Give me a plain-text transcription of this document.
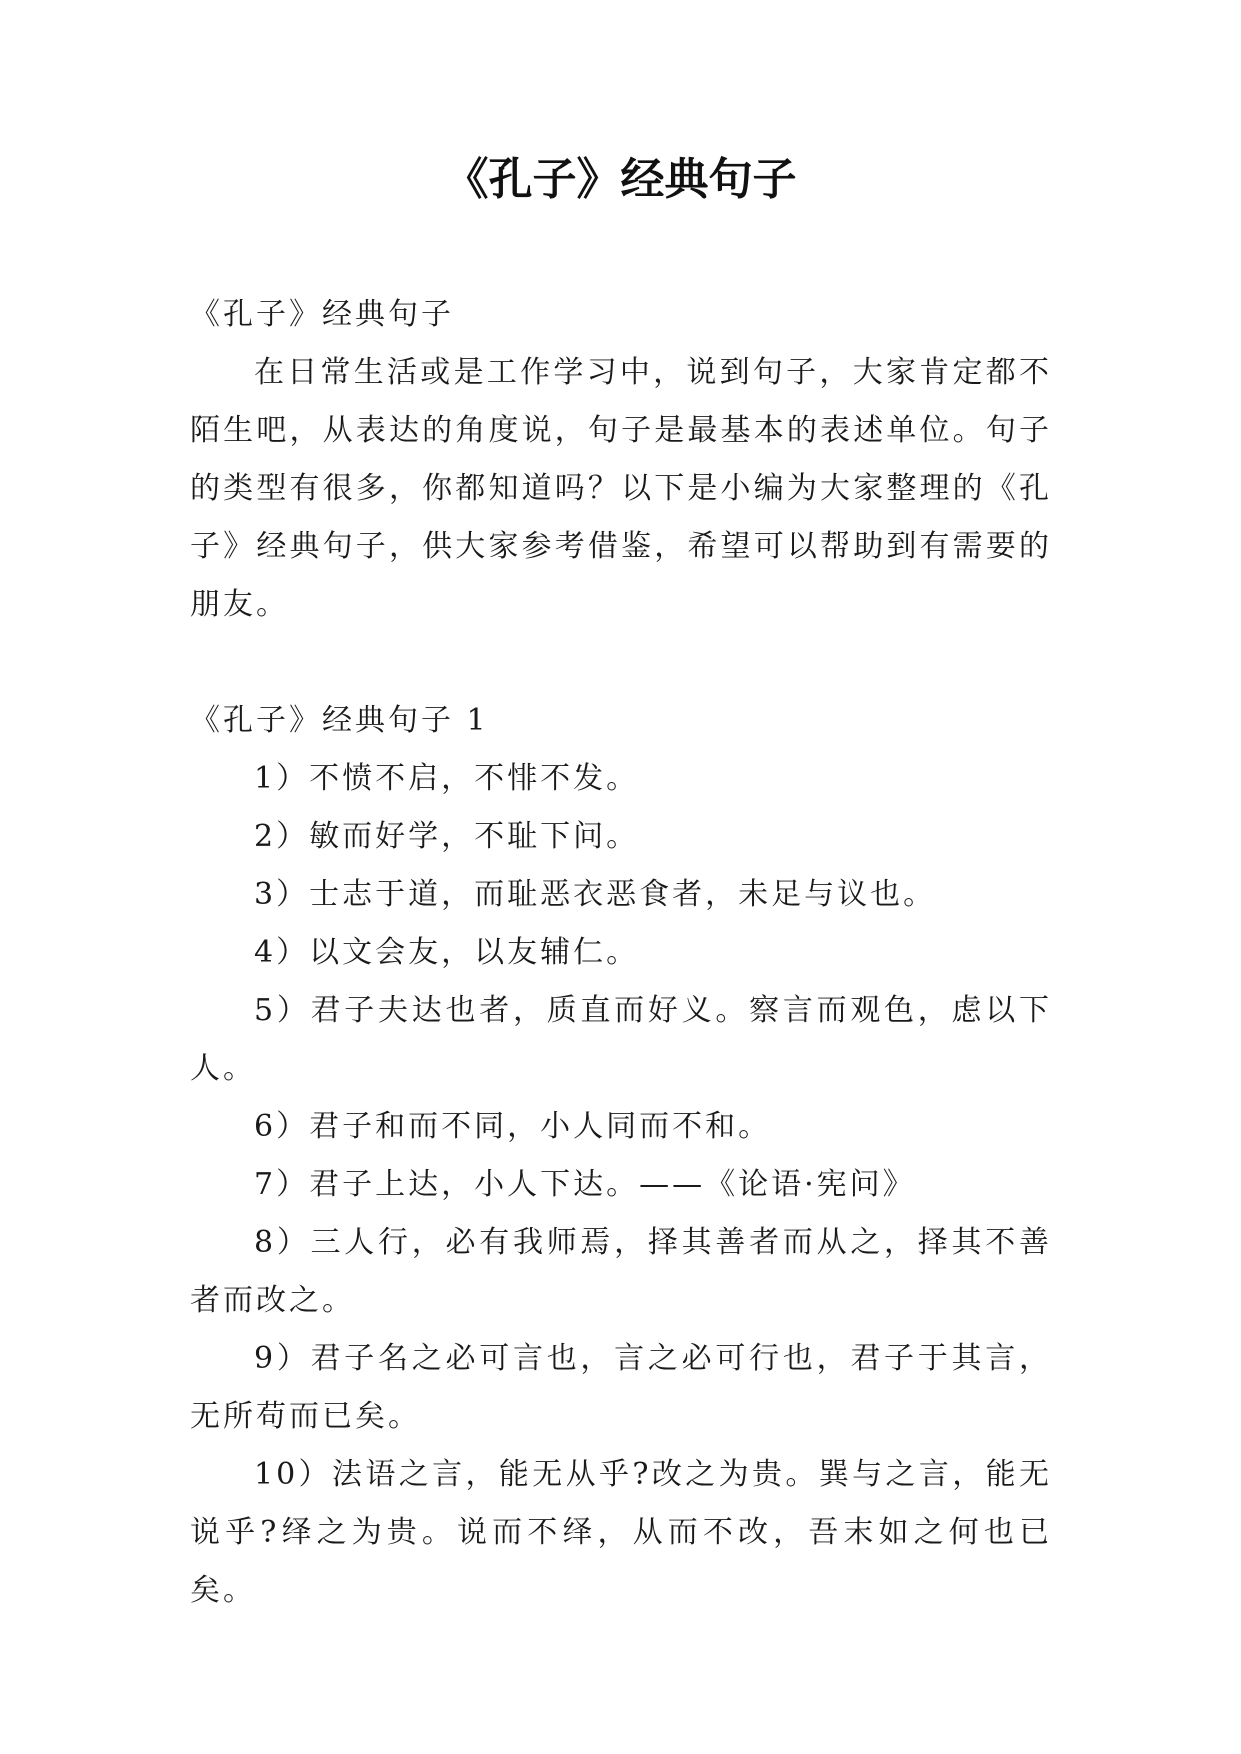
《孔子》经典句子

《孔子》经典句子

在日常生活或是工作学习中，说到句子，大家肯定都不陌生吧，从表达的角度说，句子是最基本的表述单位。句子的类型有很多，你都知道吗？以下是小编为大家整理的《孔子》经典句子，供大家参考借鉴，希望可以帮助到有需要的朋友。

《孔子》经典句子 1

1）不愤不启，不悱不发。

2）敏而好学，不耻下问。

3）士志于道，而耻恶衣恶食者，未足与议也。

4）以文会友，以友辅仁。

5）君子夫达也者，质直而好义。察言而观色，虑以下人。

6）君子和而不同，小人同而不和。

7）君子上达，小人下达。——《论语·宪问》

8）三人行，必有我师焉，择其善者而从之，择其不善者而改之。

9）君子名之必可言也，言之必可行也，君子于其言，无所苟而已矣。

10）法语之言，能无从乎?改之为贵。巽与之言，能无说乎?绎之为贵。说而不绎，从而不改，吾末如之何也已矣。
